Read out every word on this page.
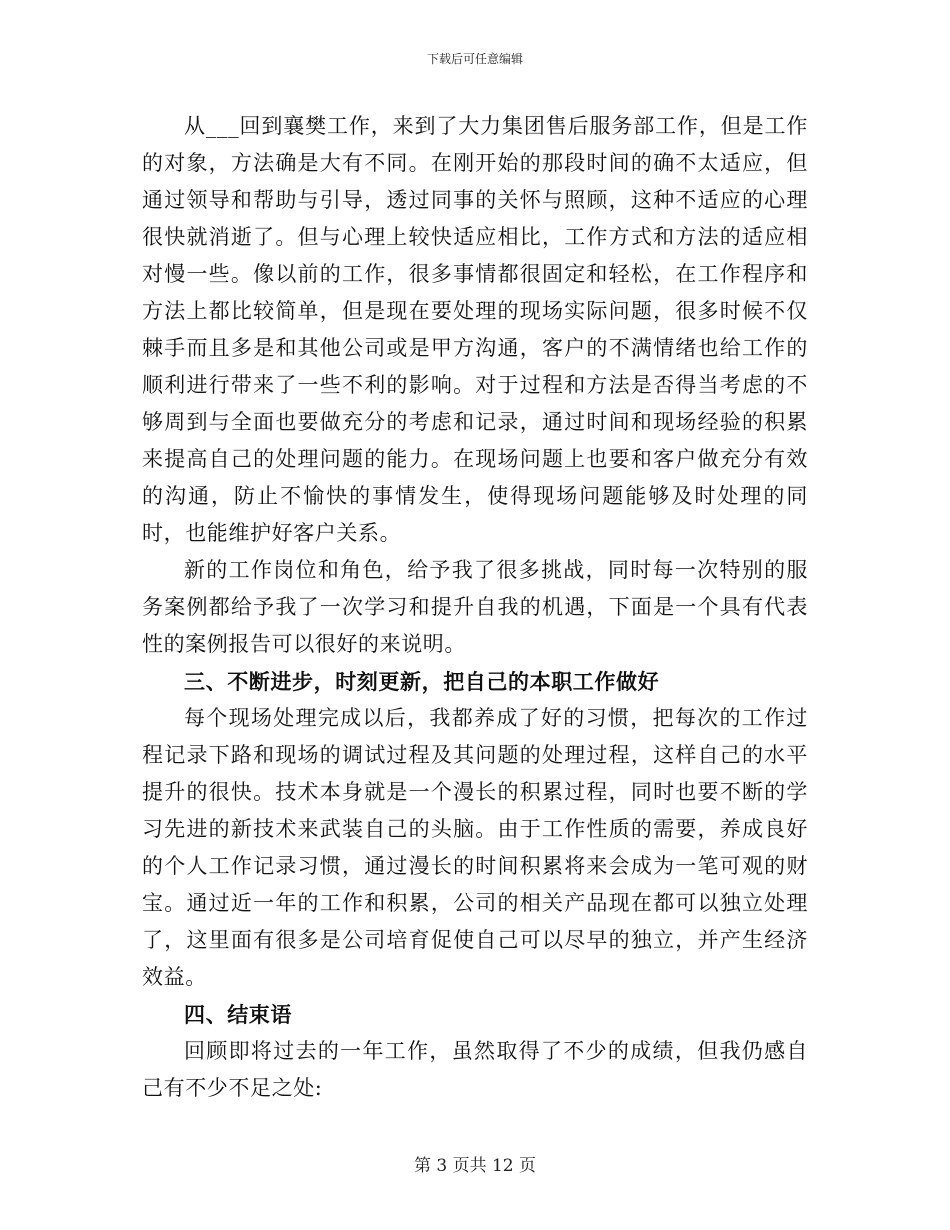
下载后可任意编辑

从___回到襄樊工作，来到了大力集团售后服务部工作，但是工作的对象，方法确是大有不同。在刚开始的那段时间的确不太适应，但通过领导和帮助与引导，透过同事的关怀与照顾，这种不适应的心理很快就消逝了。但与心理上较快适应相比，工作方式和方法的适应相对慢一些。像以前的工作，很多事情都很固定和轻松，在工作程序和方法上都比较简单，但是现在要处理的现场实际问题，很多时候不仅棘手而且多是和其他公司或是甲方沟通，客户的不满情绪也给工作的顺利进行带来了一些不利的影响。对于过程和方法是否得当考虑的不够周到与全面也要做充分的考虑和记录，通过时间和现场经验的积累来提高自己的处理问题的能力。在现场问题上也要和客户做充分有效的沟通，防止不愉快的事情发生，使得现场问题能够及时处理的同时，也能维护好客户关系。

新的工作岗位和角色，给予我了很多挑战，同时每一次特别的服务案例都给予我了一次学习和提升自我的机遇，下面是一个具有代表性的案例报告可以很好的来说明。

三、不断进步，时刻更新，把自己的本职工作做好

每个现场处理完成以后，我都养成了好的习惯，把每次的工作过程记录下路和现场的调试过程及其问题的处理过程，这样自己的水平提升的很快。技术本身就是一个漫长的积累过程，同时也要不断的学习先进的新技术来武装自己的头脑。由于工作性质的需要，养成良好的个人工作记录习惯，通过漫长的时间积累将来会成为一笔可观的财宝。通过近一年的工作和积累，公司的相关产品现在都可以独立处理了，这里面有很多是公司培育促使自己可以尽早的独立，并产生经济效益。

四、结束语

回顾即将过去的一年工作，虽然取得了不少的成绩，但我仍感自己有不少不足之处:

第 3 页共 12 页
